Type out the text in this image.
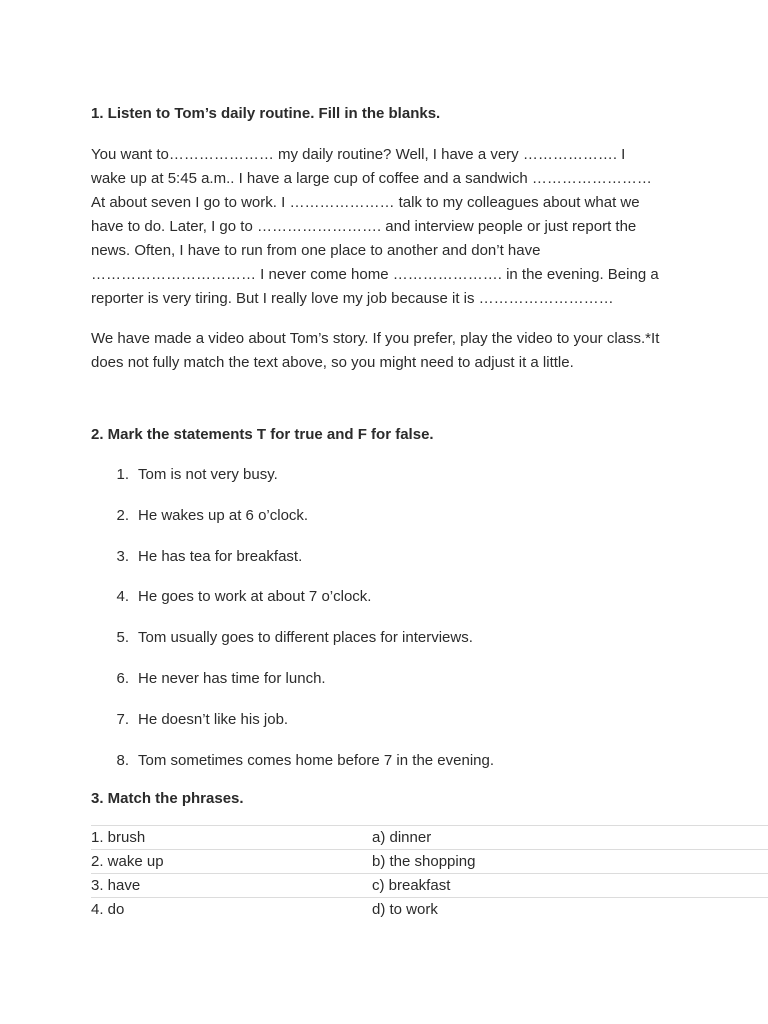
1. Listen to Tom’s daily routine. Fill in the blanks.

You want to………………… my daily routine? Well, I have a very ………………. I
wake up at 5:45 a.m.. I have a large cup of coffee and a sandwich ……………………
At about seven I go to work. I ………………… talk to my colleagues about what we
have to do. Later, I go to ……………………. and interview people or just report the
news. Often, I have to run from one place to another and don’t have
…………………………… I never come home …………………. in the evening. Being a
reporter is very tiring. But I really love my job because it is ………………………

We have made a video about Tom’s story. If you prefer, play the video to your class.*It
does not fully match the text above, so you might need to adjust it a little.

2. Mark the statements T for true and F for false.
1. Tom is not very busy.
2. He wakes up at 6 o’clock.
3. He has tea for breakfast.
4. He goes to work at about 7 o’clock.
5. Tom usually goes to different places for interviews.
6. He never has time for lunch.
7. He doesn’t like his job.
8. Tom sometimes comes home before 7 in the evening.
3. Match the phrases.
1. brush	a) dinner
2. wake up	b) the shopping
3. have	c) breakfast
4. do	d) to work
